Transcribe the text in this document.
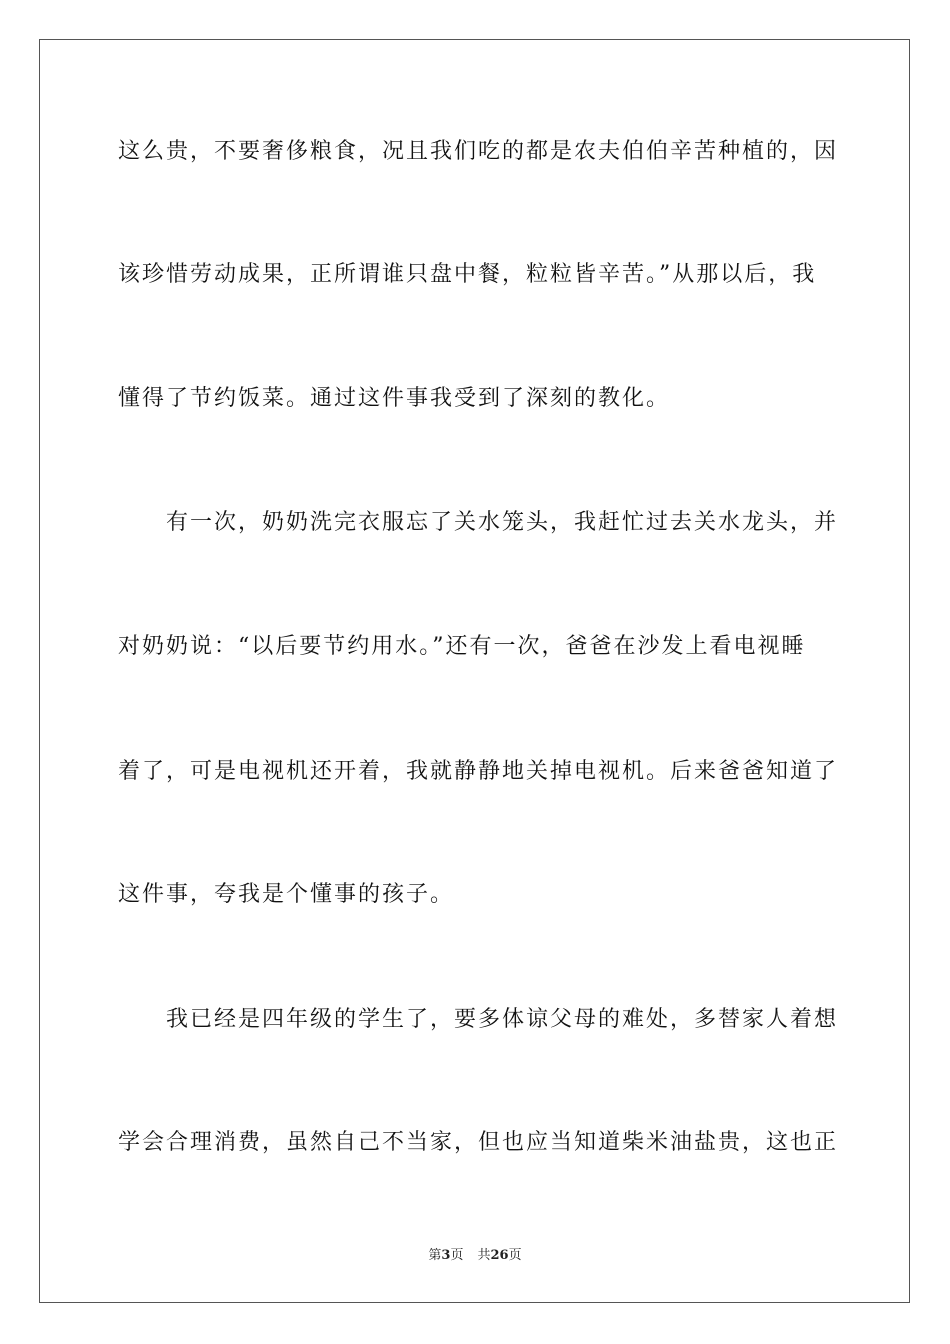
这么贵，不要奢侈粮食，况且我们吃的都是农夫伯伯辛苦种植的，因
该珍惜劳动成果，正所谓谁只盘中餐，粒粒皆辛苦。”从那以后，我
懂得了节约饭菜。通过这件事我受到了深刻的教化。
有一次，奶奶洗完衣服忘了关水笼头，我赶忙过去关水龙头，并
对奶奶说：“以后要节约用水。”还有一次，爸爸在沙发上看电视睡
着了，可是电视机还开着，我就静静地关掉电视机。后来爸爸知道了
这件事，夸我是个懂事的孩子。
我已经是四年级的学生了，要多体谅父母的难处，多替家人着想
学会合理消费，虽然自己不当家，但也应当知道柴米油盐贵，这也正
第3页 共26页
